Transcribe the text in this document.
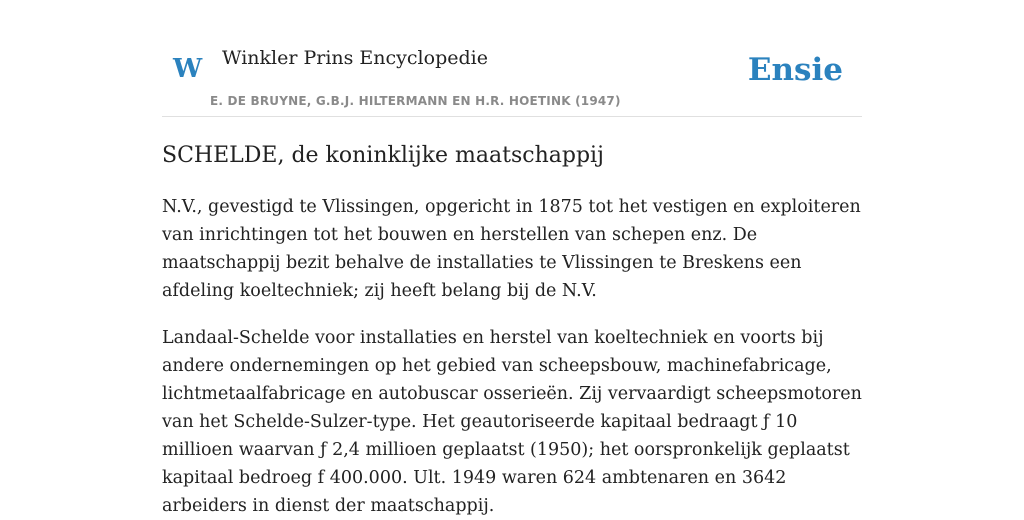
W Winkler Prins Encyclopedie
E. DE BRUYNE, G.B.J. HILTERMANN EN H.R. HOETINK (1947)
Ensie
SCHELDE, de koninklijke maatschappij

N.V., gevestigd te Vlissingen, opgericht in 1875 tot het vestigen en exploiteren van inrichtingen tot het bouwen en herstellen van schepen enz. De maatschappij bezit behalve de installaties te Vlissingen te Breskens een afdeling koeltechniek; zij heeft belang bij de N.V.

Landaal-Schelde voor installaties en herstel van koeltechniek en voorts bij andere ondernemingen op het gebied van scheepsbouw, machinefabricage, lichtmetaalfabricage en autobuscar osserieën. Zij vervaardigt scheepsmotoren van het Schelde-Sulzer-type. Het geautoriseerde kapitaal bedraagt ƒ 10 millioen waarvan ƒ 2,4 millioen geplaatst (1950); het oorspronkelijk geplaatst kapitaal bedroeg f 400.000. Ult. 1949 waren 624 ambtenaren en 3642 arbeiders in dienst der maatschappij.
